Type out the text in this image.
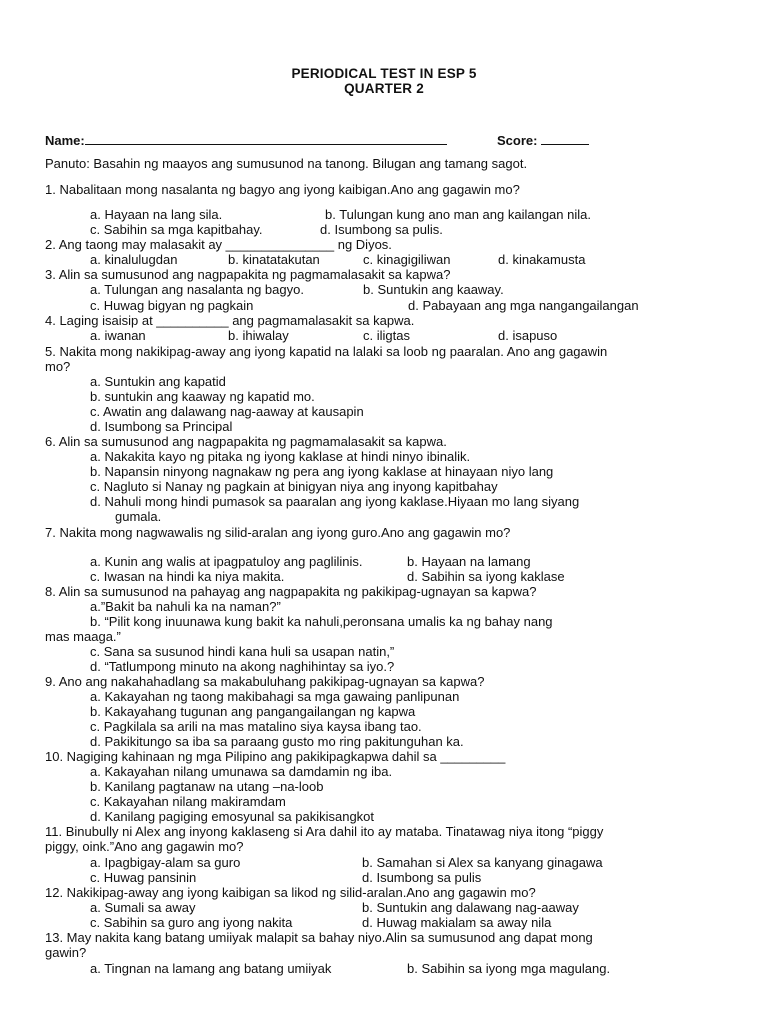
PERIODICAL TEST IN ESP 5
QUARTER 2
Name:	Score:
Panuto: Basahin ng maayos ang sumusunod na tanong. Bilugan ang tamang sagot.
1. Nabalitaan mong nasalanta ng bagyo ang iyong kaibigan.Ano ang gagawin mo?
a. Hayaan na lang sila.	b. Tulungan kung ano man ang kailangan nila.
c. Sabihin sa mga kapitbahay.	d. Isumbong sa pulis.
2. Ang taong may malasakit ay _______________ ng Diyos.
a. kinalulugdan	b. kinatatakutan	c. kinagigiliwan	d. kinakamusta
3. Alin sa sumusunod ang nagpapakita ng pagmamalasakit sa kapwa?
a. Tulungan ang nasalanta ng bagyo.	b. Suntukin ang kaaway.
c. Huwag bigyan ng pagkain	d. Pabayaan ang mga nangangailangan
4. Laging isaisip at __________ ang pagmamalasakit sa kapwa.
a. iwanan	b. ihiwalay	c. iligtas	d. isapuso
5. Nakita mong nakikipag-away ang iyong kapatid na lalaki sa loob ng paaralan. Ano ang gagawin
mo?
a. Suntukin ang kapatid
b. suntukin ang kaaway ng kapatid mo.
c. Awatin ang dalawang nag-aaway at kausapin
d. Isumbong sa Principal
6. Alin sa sumusunod ang nagpapakita ng pagmamalasakit sa kapwa.
a. Nakakita kayo ng pitaka ng iyong kaklase at hindi ninyo ibinalik.
b. Napansin ninyong nagnakaw ng pera ang iyong kaklase at hinayaan niyo lang
c. Nagluto si Nanay ng pagkain at binigyan niya ang inyong kapitbahay
d. Nahuli mong hindi pumasok sa paaralan ang iyong kaklase.Hiyaan mo lang siyang
gumala.
7. Nakita mong nagwawalis ng silid-aralan ang iyong guro.Ano ang gagawin mo?
a. Kunin ang walis at ipagpatuloy ang paglilinis.	b. Hayaan na lamang
c. Iwasan na hindi ka niya makita.	d. Sabihin sa iyong kaklase
8. Alin sa sumusunod na pahayag ang nagpapakita ng pakikipag-ugnayan sa kapwa?
a.”Bakit ba nahuli ka na naman?”
b. “Pilit kong inuunawa kung bakit ka nahuli,peronsana umalis ka ng bahay nang
mas maaga.”
c. Sana sa susunod hindi kana huli sa usapan natin,”
d. “Tatlumpong minuto na akong naghihintay sa iyo.?
9. Ano ang nakahahadlang sa makabuluhang pakikipag-ugnayan sa kapwa?
a. Kakayahan ng taong makibahagi sa mga gawaing panlipunan
b. Kakayahang tugunan ang pangangailangan ng kapwa
c. Pagkilala sa arili na mas matalino siya kaysa ibang tao.
d. Pakikitungo sa iba sa paraang gusto mo ring pakitunguhan ka.
10. Nagiging kahinaan ng mga Pilipino ang pakikipagkapwa dahil sa _________
a. Kakayahan nilang umunawa sa damdamin ng iba.
b. Kanilang pagtanaw na utang –na-loob
c. Kakayahan nilang makiramdam
d. Kanilang pagiging emosyunal sa pakikisangkot
11. Binubully ni Alex ang inyong kaklaseng si Ara dahil ito ay mataba. Tinatawag niya itong “piggy
piggy, oink.”Ano ang gagawin mo?
a. Ipagbigay-alam sa guro	b. Samahan si Alex sa kanyang ginagawa
c. Huwag pansinin	d. Isumbong sa pulis
12. Nakikipag-away ang iyong kaibigan sa likod ng silid-aralan.Ano ang gagawin mo?
a. Sumali sa away	b. Suntukin ang dalawang nag-aaway
c. Sabihin sa guro ang iyong nakita	d. Huwag makialam sa away nila
13. May nakita kang batang umiiyak malapit sa bahay niyo.Alin sa sumusunod ang dapat mong
gawin?
a. Tingnan na lamang ang batang umiiyak	b. Sabihin sa iyong mga magulang.
